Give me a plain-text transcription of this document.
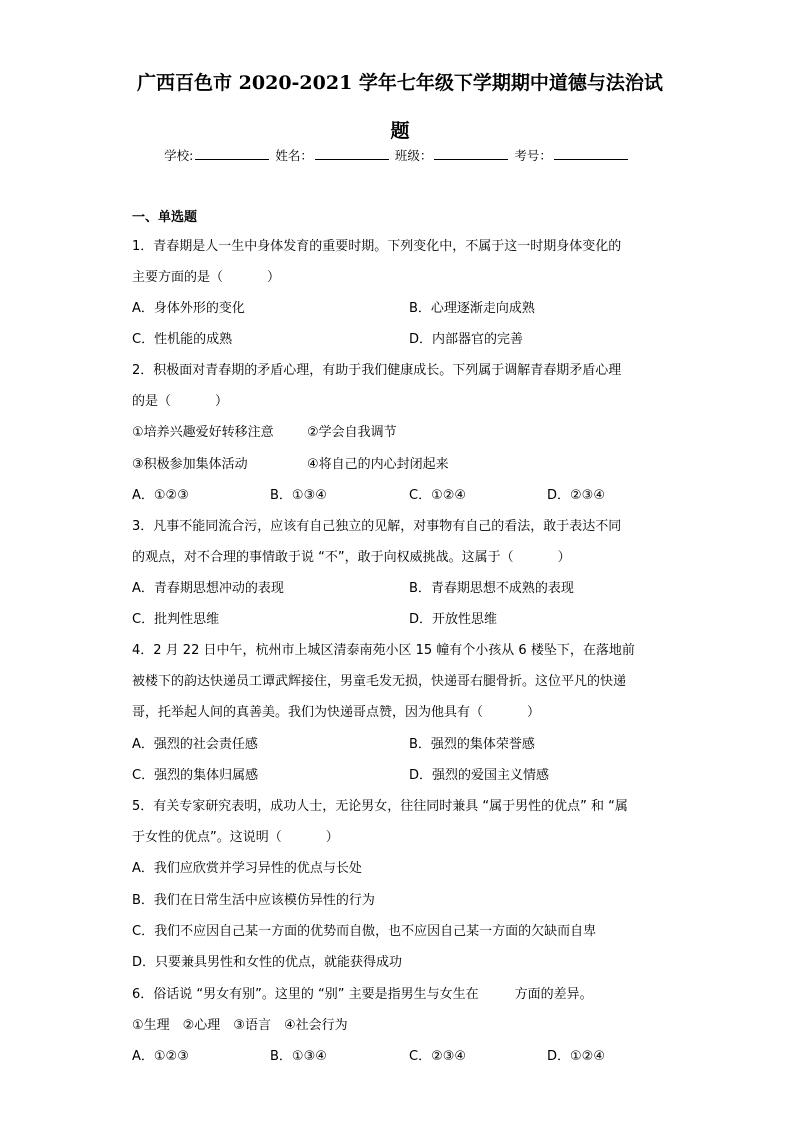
广西百色市 2020-2021 学年七年级下学期期中道德与法治试
题
学校:	姓名：	班级：	考号：
一、单选题
1．青春期是人一生中身体发育的重要时期。下列变化中，不属于这一时期身体变化的
主要方面的是（	）
A．身体外形的变化	B．心理逐渐走向成熟
C．性机能的成熟	D．内部器官的完善
2．积极面对青春期的矛盾心理，有助于我们健康成长。下列属于调解青春期矛盾心理
的是（	）
①培养兴趣爱好转移注意	②学会自我调节
③积极参加集体活动	④将自己的内心封闭起来
A．①②③	B．①③④	C．①②④	D．②③④
3．凡事不能同流合污，应该有自己独立的见解，对事物有自己的看法，敢于表达不同
的观点，对不合理的事情敢于说 “不”，敢于向权威挑战。这属于（	）
A．青春期思想冲动的表现	B．青春期思想不成熟的表现
C．批判性思维	D．开放性思维
4．2 月 22 日中午，杭州市上城区清泰南苑小区 15 幢有个小孩从 6 楼坠下，在落地前
被楼下的韵达快递员工谭武辉接住，男童毛发无损，快递哥右腿骨折。这位平凡的快递
哥，托举起人间的真善美。我们为快递哥点赞，因为他具有（	）
A．强烈的社会责任感	B．强烈的集体荣誉感
C．强烈的集体归属感	D．强烈的爱国主义情感
5．有关专家研究表明，成功人士，无论男女，往往同时兼具 “属于男性的优点” 和 “属
于女性的优点”。这说明（	）
A．我们应欣赏并学习异性的优点与长处
B．我们在日常生活中应该模仿异性的行为
C．我们不应因自己某一方面的优势而自傲，也不应因自己某一方面的欠缺而自卑
D．只要兼具男性和女性的优点，就能获得成功
6．俗话说 “男女有别”。这里的 “别” 主要是指男生与女生在	方面的差异。
①生理　②心理　③语言　④社会行为
A．①②③	B．①③④	C．②③④	D．①②④
